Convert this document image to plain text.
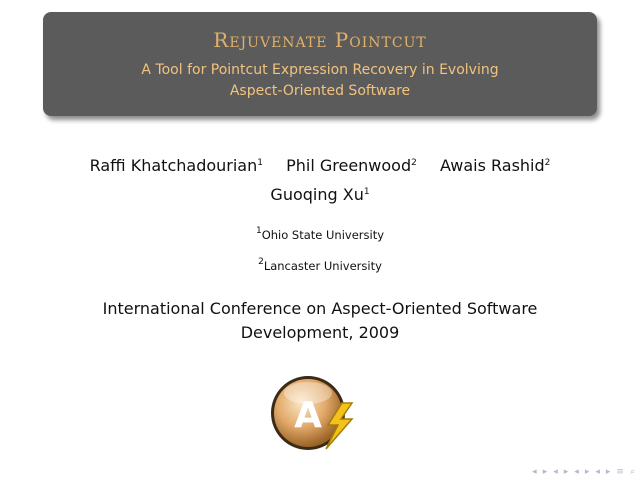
Rejuvenate Pointcut
A Tool for Pointcut Expression Recovery in Evolving
Aspect-Oriented Software
Raffi Khatchadourian$^1$ Phil Greenwood$^2$ Awais Rashid$^2$
Guoqing Xu$^1$
$^1$Ohio State University
$^2$Lancaster University
International Conference on Aspect-Oriented Software
Development, 2009
A
◂ ▸ ◂ ▸ ◂ ▸ ◂ ▸ ≡ ⌕
